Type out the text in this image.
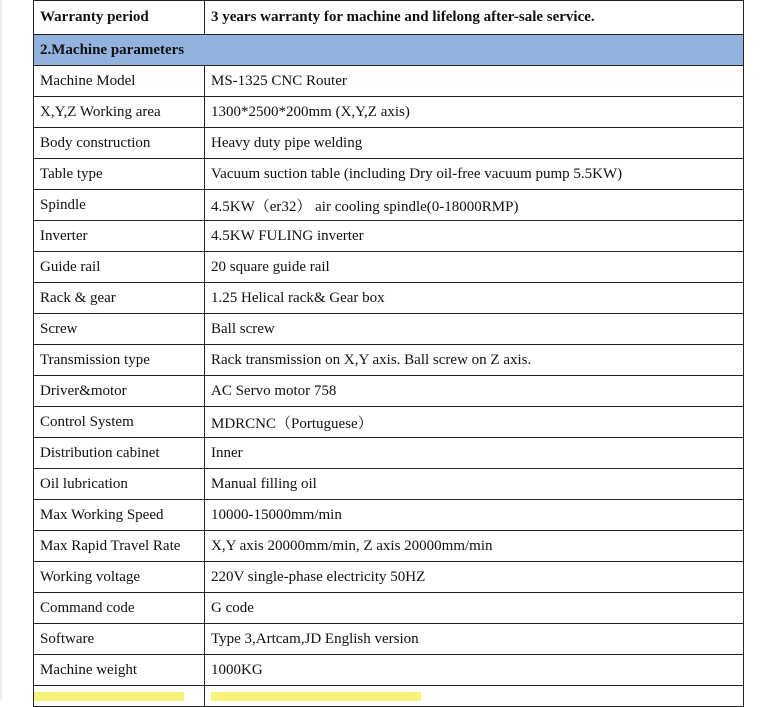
Warranty period	3 years warranty for machine and lifelong after-sale service.
2.Machine parameters	
Machine Model	MS-1325 CNC Router
X,Y,Z Working area	1300*2500*200mm (X,Y,Z axis)
Body construction	Heavy duty pipe welding
Table type	Vacuum suction table (including Dry oil-free vacuum pump 5.5KW)
Spindle	4.5KW（er32） air cooling spindle(0-18000RMP)
Inverter	4.5KW FULING inverter
Guide rail	20 square guide rail
Rack & gear	1.25 Helical rack& Gear box
Screw	Ball screw
Transmission type	Rack transmission on X,Y axis. Ball screw on Z axis.
Driver&motor	AC Servo motor 758
Control System	MDRCNC（Portuguese）
Distribution cabinet	Inner
Oil lubrication	Manual filling oil
Max Working Speed	10000-15000mm/min
Max Rapid Travel Rate	X,Y axis 20000mm/min, Z axis 20000mm/min
Working voltage	220V single-phase electricity 50HZ
Command code	G code
Software	Type 3,Artcam,JD English version
Machine weight	1000KG
